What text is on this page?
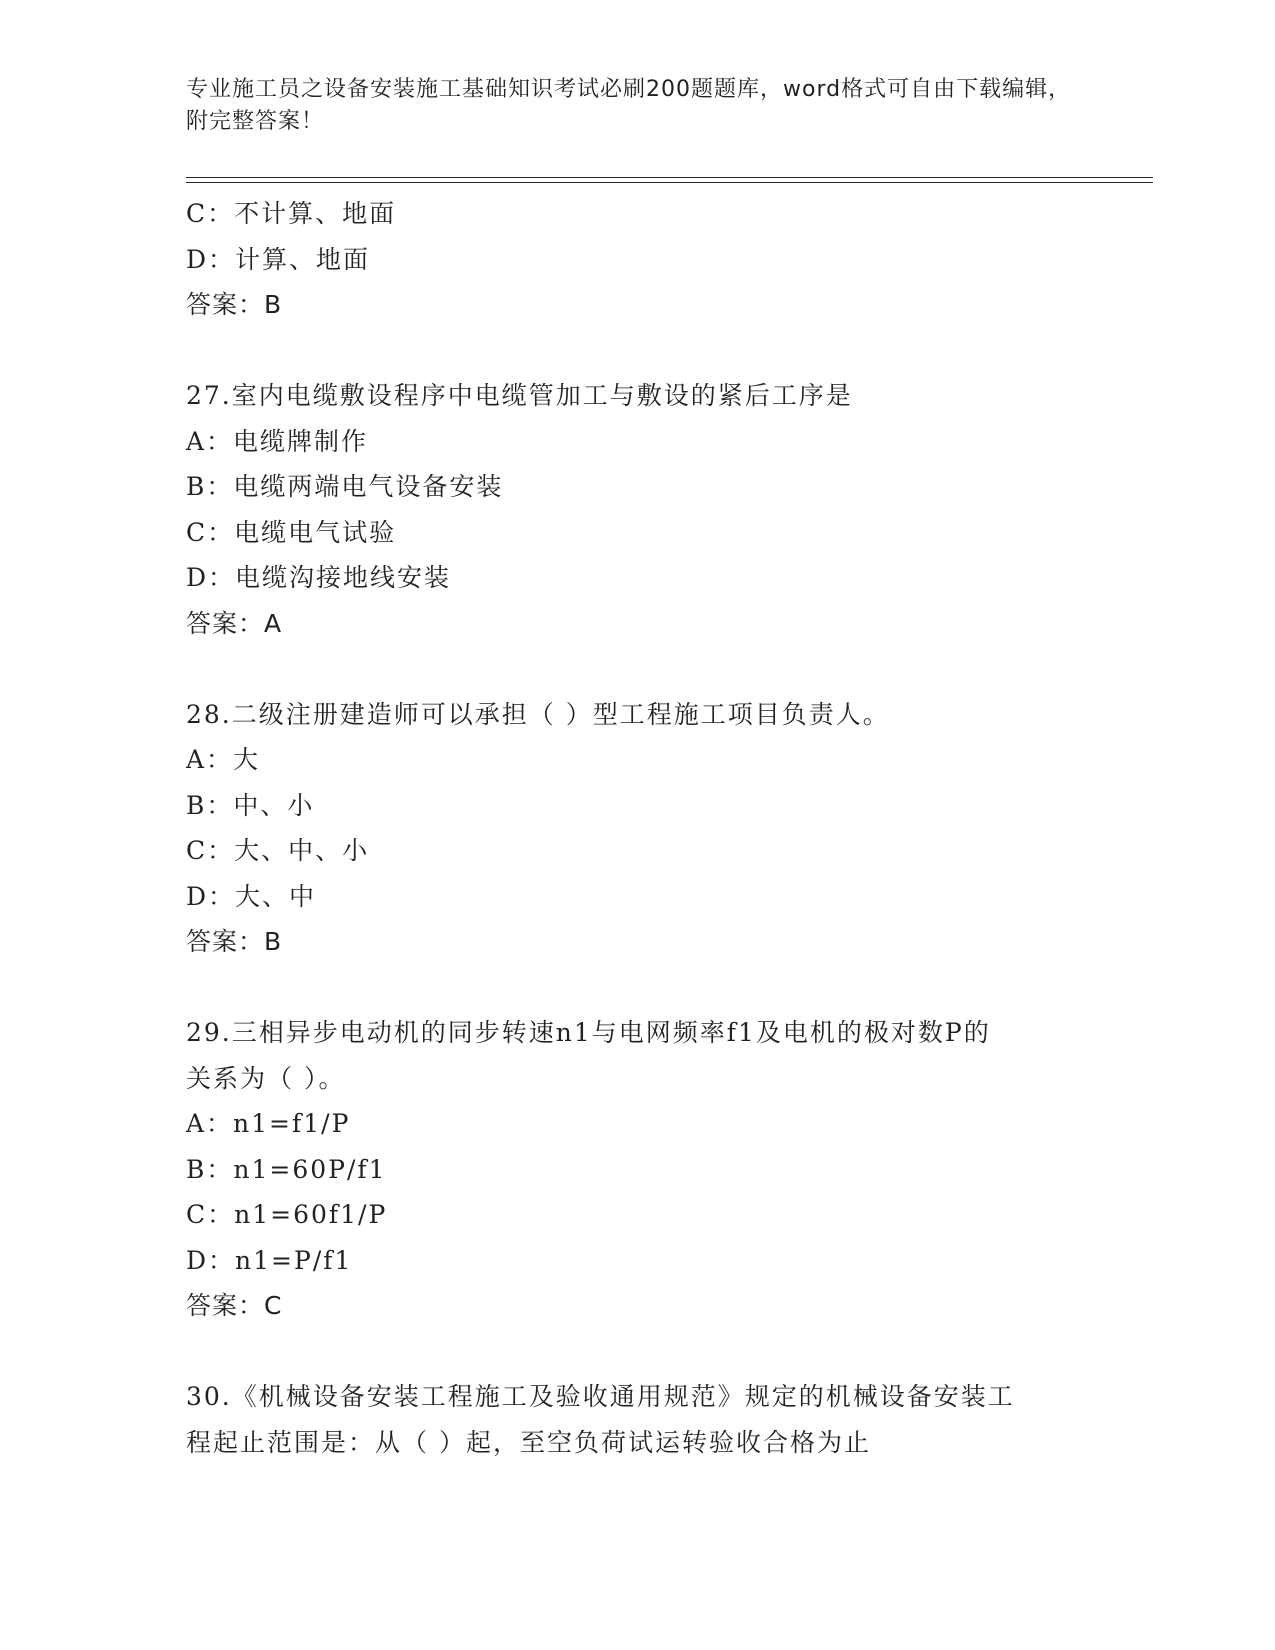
专业施工员之设备安装施工基础知识考试必刷200题题库，word格式可自由下载编辑，附完整答案！
C：不计算、地面
D：计算、地面
答案：B
27.室内电缆敷设程序中电缆管加工与敷设的紧后工序是
A：电缆牌制作
B：电缆两端电气设备安装
C：电缆电气试验
D：电缆沟接地线安装
答案：A
28.二级注册建造师可以承担（ ）型工程施工项目负责人。
A：大
B：中、小
C：大、中、小
D：大、中
答案：B
29.三相异步电动机的同步转速n1与电网频率f1及电机的极对数P的
关系为（ ）。
A：n1=f1/P
B：n1=60P/f1
C：n1=60f1/P
D：n1=P/f1
答案：C
30.《机械设备安装工程施工及验收通用规范》规定的机械设备安装工
程起止范围是：从（ ）起，至空负荷试运转验收合格为止
